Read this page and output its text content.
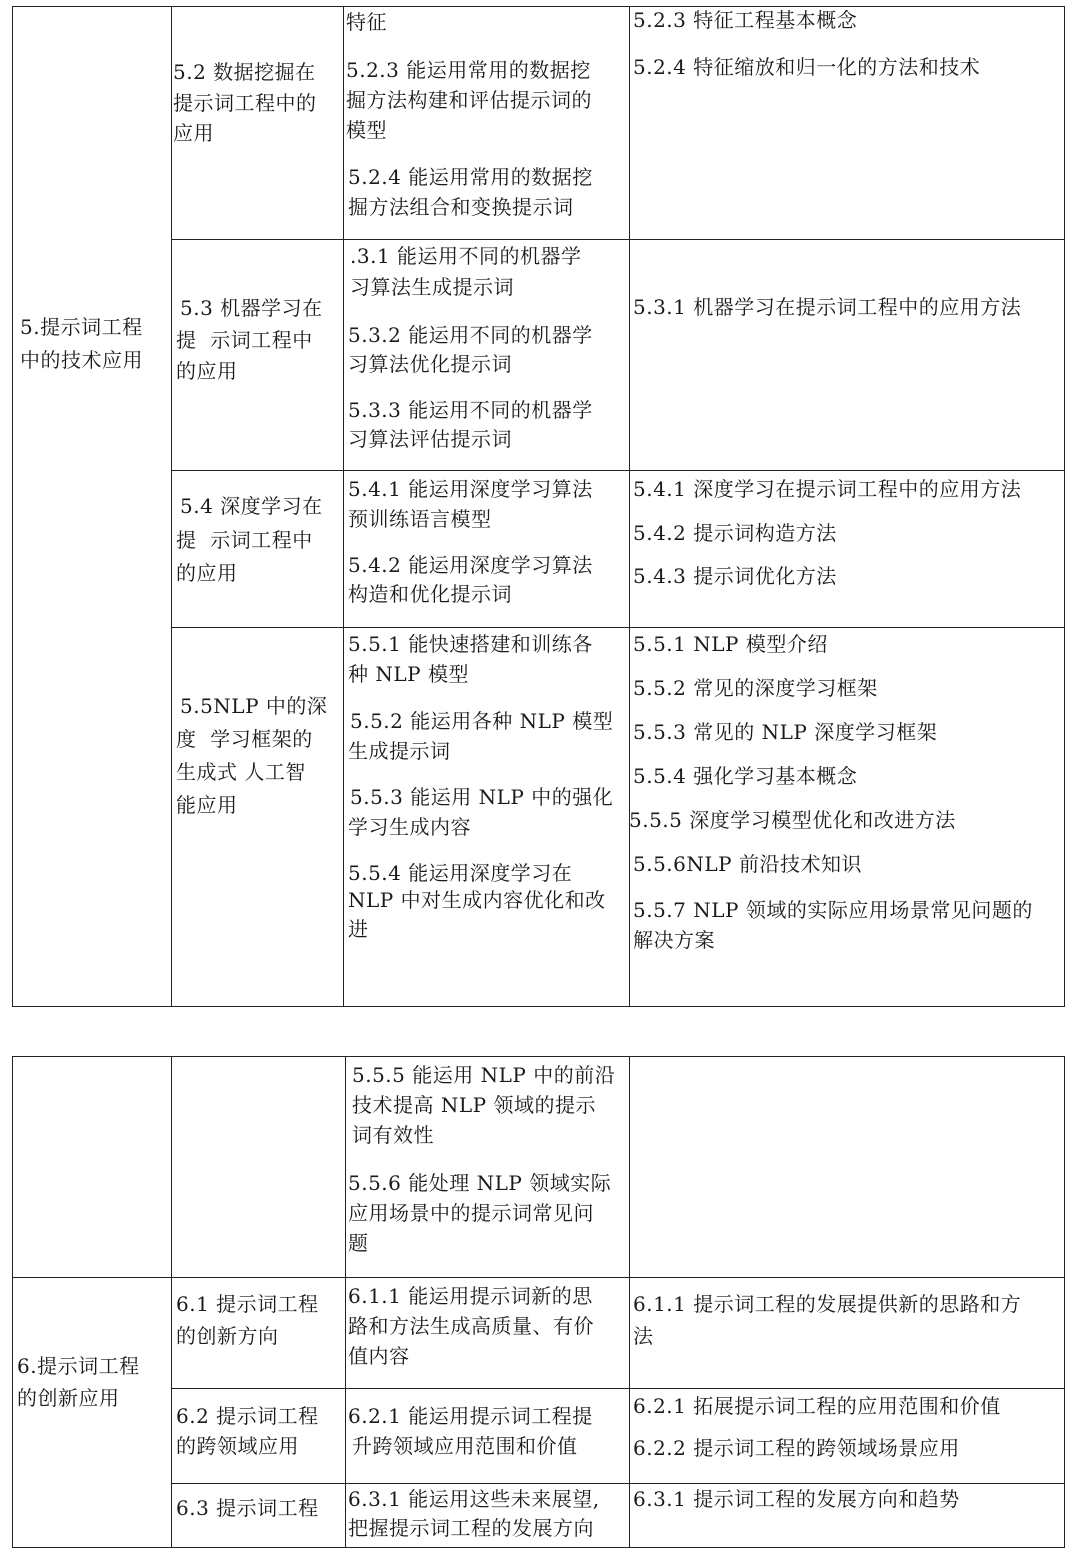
5.提示词工程
中的技术应用
5.2 数据挖掘在
提示词工程中的
应用
特征
5.2.3 能运用常用的数据挖
掘方法构建和评估提示词的
模型
5.2.4 能运用常用的数据挖
掘方法组合和变换提示词
5.2.3 特征工程基本概念
5.2.4 特征缩放和归一化的方法和技术
5.3 机器学习在
提  示词工程中
的应用
.3.1 能运用不同的机器学
习算法生成提示词
5.3.2 能运用不同的机器学
习算法优化提示词
5.3.3 能运用不同的机器学
习算法评估提示词
5.3.1 机器学习在提示词工程中的应用方法
5.4 深度学习在
提  示词工程中
的应用
5.4.1 能运用深度学习算法
预训练语言模型
5.4.2 能运用深度学习算法
构造和优化提示词
5.4.1 深度学习在提示词工程中的应用方法
5.4.2 提示词构造方法
5.4.3 提示词优化方法
5.5NLP 中的深
度  学习框架的
生成式 人工智
能应用
5.5.1 能快速搭建和训练各
种 NLP 模型
5.5.2 能运用各种 NLP 模型
生成提示词
5.5.3 能运用 NLP 中的强化
学习生成内容
5.5.4 能运用深度学习在
NLP 中对生成内容优化和改
进
5.5.1 NLP 模型介绍
5.5.2 常见的深度学习框架
5.5.3 常见的 NLP 深度学习框架
5.5.4 强化学习基本概念
5.5.5 深度学习模型优化和改进方法
5.5.6NLP 前沿技术知识
5.5.7 NLP 领域的实际应用场景常见问题的
解决方案
5.5.5 能运用 NLP 中的前沿
技术提高 NLP 领域的提示
词有效性
5.5.6 能处理 NLP 领域实际
应用场景中的提示词常见问
题
6.提示词工程
的创新应用
6.1 提示词工程
的创新方向
6.1.1 能运用提示词新的思
路和方法生成高质量、有价
值内容
6.1.1 提示词工程的发展提供新的思路和方
法
6.2 提示词工程
的跨领域应用
6.2.1 能运用提示词工程提
升跨领域应用范围和价值
6.2.1 拓展提示词工程的应用范围和价值
6.2.2 提示词工程的跨领域场景应用
6.3 提示词工程 6.3.1 能运用这些未来展望,
把握提示词工程的发展方向
6.3.1 提示词工程的发展方向和趋势
